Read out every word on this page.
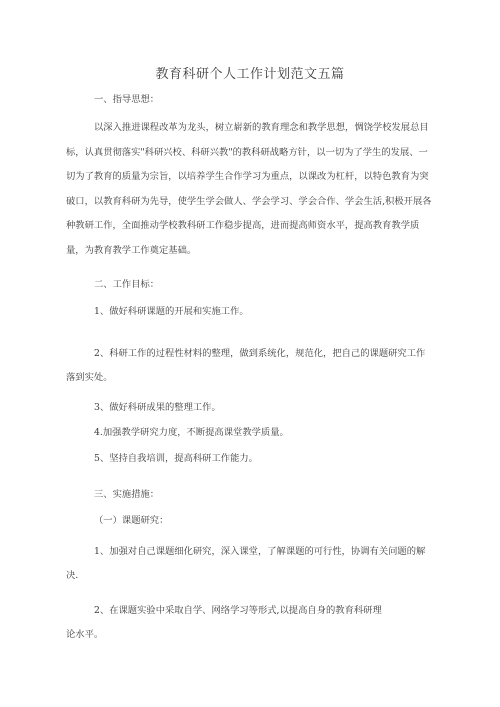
教育科研个人工作计划范文五篇
一、指导思想：

以深入推进课程改革为龙头，树立崭新的教育理念和教学思想，惆饶学校发展总目标，认真贯彻落实"科研兴校、科研兴教"的教科研战略方针，以一切为了学生的发展、一切为了教育的质量为宗旨，以培养学生合作学习为重点，以课改为杠杆，以特色教育为突破口，以教育科研为先导，使学生学会做人、学会学习、学会合作、学会生活,积极开展各种教研工作，全面推动学校教科研工作稳步提高，进而提高师资水平，提高教育教学质量，为教育教学工作奠定基础。

二、工作目标：

1、做好科研课题的开展和实施工作。

2、科研工作的过程性材料的整理，做到系统化，规范化，把自己的课题研究工作落到实处。

3、做好科研成果的整理工作。

4.加强教学研究力度，不断提高课堂教学质量。

5、坚持自我培训，提高科研工作能力。

三、实施措施：
（一）课题研究：

1、加强对自己课题细化研究，深入课堂，了解课题的可行性，协调有关问题的解决.

2、在课题实验中采取自学、网络学习等形式,以提高自身的教育科研理

论水平。
